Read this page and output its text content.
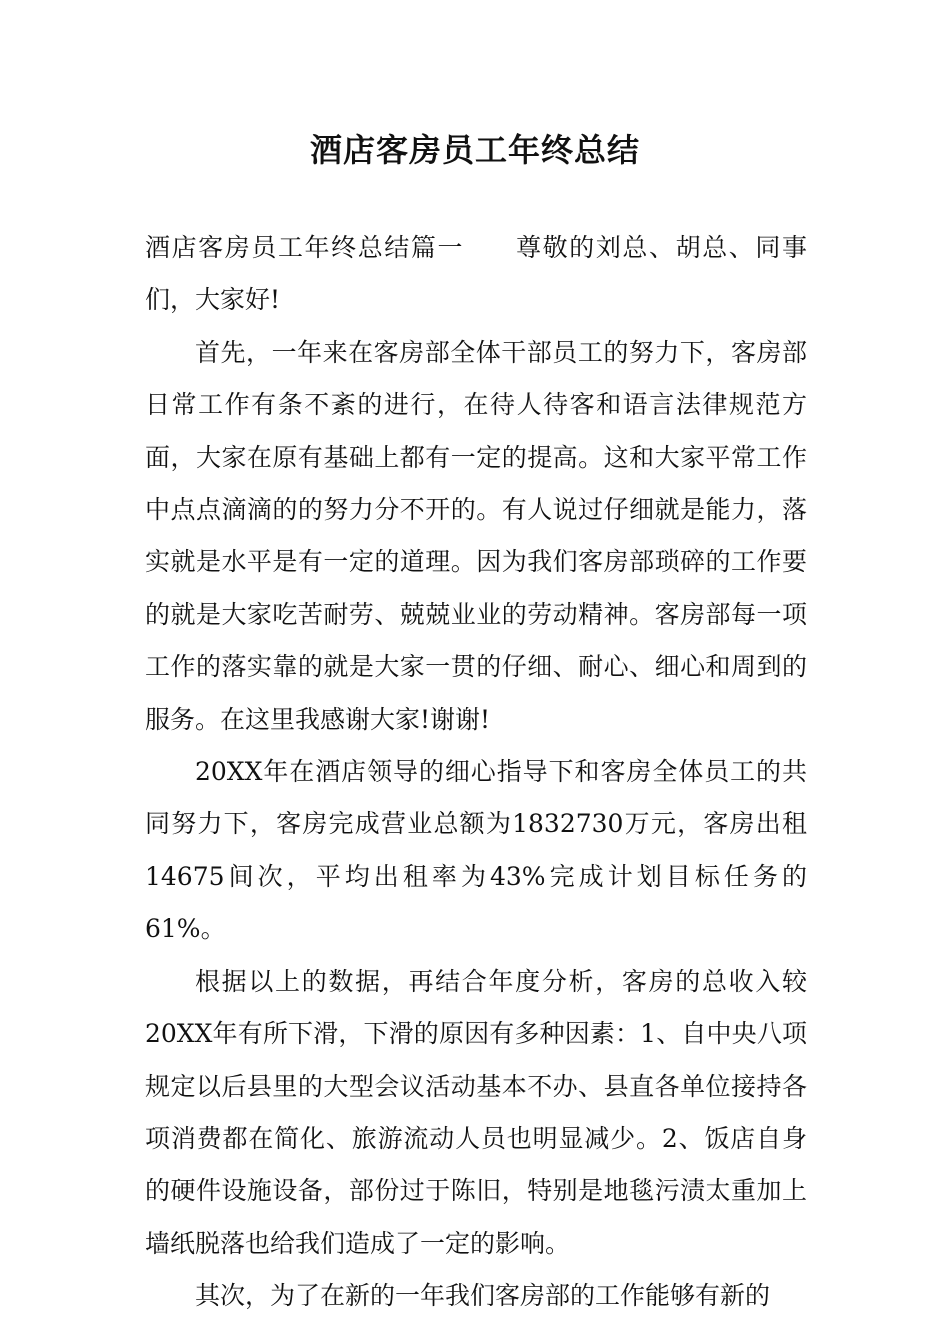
酒店客房员工年终总结

酒店客房员工年终总结篇一 尊敬的刘总、胡总、同事们，大家好!

首先，一年来在客房部全体干部员工的努力下，客房部日常工作有条不紊的进行，在待人待客和语言法律规范方面，大家在原有基础上都有一定的提高。这和大家平常工作中点点滴滴的的努力分不开的。有人说过仔细就是能力，落实就是水平是有一定的道理。因为我们客房部琐碎的工作要的就是大家吃苦耐劳、兢兢业业的劳动精神。客房部每一项工作的落实靠的就是大家一贯的仔细、耐心、细心和周到的服务。在这里我感谢大家!谢谢!

20XX年在酒店领导的细心指导下和客房全体员工的共同努力下，客房完成营业总额为1832730万元，客房出租14675间次，平均出租率为43%完成计划目标任务的61%。

根据以上的数据，再结合年度分析，客房的总收入较20XX年有所下滑，下滑的原因有多种因素：1、自中央八项规定以后县里的大型会议活动基本不办、县直各单位接持各项消费都在简化、旅游流动人员也明显减少。2、饭店自身的硬件设施设备，部份过于陈旧，特别是地毯污渍太重加上墙纸脱落也给我们造成了一定的影响。

其次，为了在新的一年我们客房部的工作能够有新的
